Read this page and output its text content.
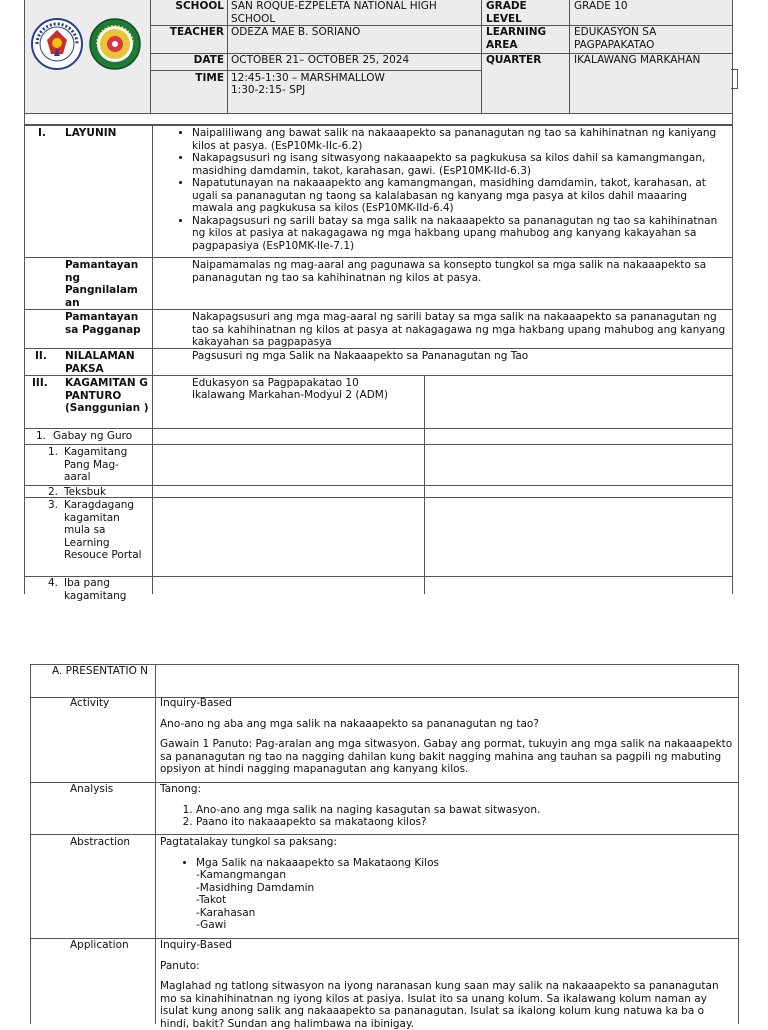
SCHOOL SAN ROQUE-EZPELETA NATIONAL HIGH SCHOOL
GRADE LEVEL
GRADE 10
TEACHER ODEZA MAE B. SORIANO	LEARNING AREA
EDUKASYON SA PAGPAPAKATAO
DATE OCTOBER 21– OCTOBER 25, 2024	QUARTER	IKALAWANG MARKAHAN
TIME 12:45-1:30 – MARSHMALLOW
1:30-2:15- SPJ
I. LAYUNIN
•	Naipaliliwang ang bawat salik na nakaaapekto sa pananagutan ng tao sa kahihinatnan ng kaniyang kilos at pasya. (EsP10Mk-IIc-6.2)
• Nakapagsusuri ng isang sitwasyong nakaaapekto sa pagkukusa sa kilos dahil sa kamangmangan, masidhing damdamin, takot, karahasan, gawi. (EsP10MK-IId-6.3)
• Napatutunayan na nakaaapekto ang kamangmangan, masidhing damdamin, takot, karahasan, at ugali sa pananagutan ng taong sa kalalabasan ng kanyang mga pasya at kilos dahil maaaring mawala ang pagkukusa sa kilos (EsP10MK-IId-6.4)
• Nakapagsusuri ng sarili batay sa mga salik na nakaaapekto sa pananagutan ng tao sa kahihinatnan ng kilos at pasiya at nakagagawa ng mga hakbang upang mahubog ang kanyang kakayahan sa pagpapasiya (EsP10MK-IIe-7.1)
Pamantayan ng Pangnilalam an
Naipamamalas ng mag-aaral ang pagunawa sa konsepto tungkol sa mga salik na nakaaapekto sa pananagutan ng tao sa kahihinatnan ng kilos at pasya.
Pamantayan sa Pagganap
Nakapagsusuri ang mga mag-aaral ng sarili batay sa mga salik na nakaaapekto sa pananagutan ng tao sa kahihinatnan ng kilos at pasya at nakagagawa ng mga hakbang upang mahubog ang kanyang kakayahan sa pagpapasya
II. NILALAMAN PAKSA
Pagsusuri ng mga Salik na Nakaaapekto sa Pananagutan ng Tao
III. KAGAMITAN G PANTURO (Sanggunian )
Edukasyon sa Pagpapakatao 10
Ikalawang Markahan-Modyul 2 (ADM)
1. Gabay ng Guro
1. Kagamitang Pang Mag-aaral
2. Teksbuk
3. Karagdagang kagamitan mula sa Learning Resouce Portal
4. Iba pang kagamitang
A. PRESENTATIO N
Activity	Inquiry-Based

Ano-ano ng aba ang mga salik na nakaaapekto sa pananagutan ng tao?

Gawain 1 Panuto: Pag-aralan ang mga sitwasyon. Gabay ang pormat, tukuyin ang mga salik na nakaaapekto sa pananagutan ng tao na nagging dahilan kung bakit nagging mahina ang tauhan sa pagpili ng mabuting opsiyon at hindi nagging mapanagutan ang kanyang kilos.

Analysis	Tanong:
1. Ano-ano ang mga salik na naging kasagutan sa bawat sitwasyon.
2. Paano ito nakaaapekto sa makataong kilos?
Abstraction	Pagtatalakay tungkol sa paksang:
• Mga Salik na nakaaapekto sa Makataong Kilos
-Kamangmangan
-Masidhing Damdamin
-Takot
-Karahasan
-Gawi
Application	Inquiry-Based

Panuto:

Maglahad ng tatlong sitwasyon na iyong naranasan kung saan may salik na nakaaapekto sa pananagutan mo sa kinahihinatnan ng iyong kilos at pasiya. Isulat ito sa unang kolum. Sa ikalawang kolum naman ay isulat kung anong salik ang nakaaapekto sa pananagutan. Isulat sa ikalong kolum kung natuwa ka ba o hindi, bakit? Sundan ang halimbawa na ibinigay.
